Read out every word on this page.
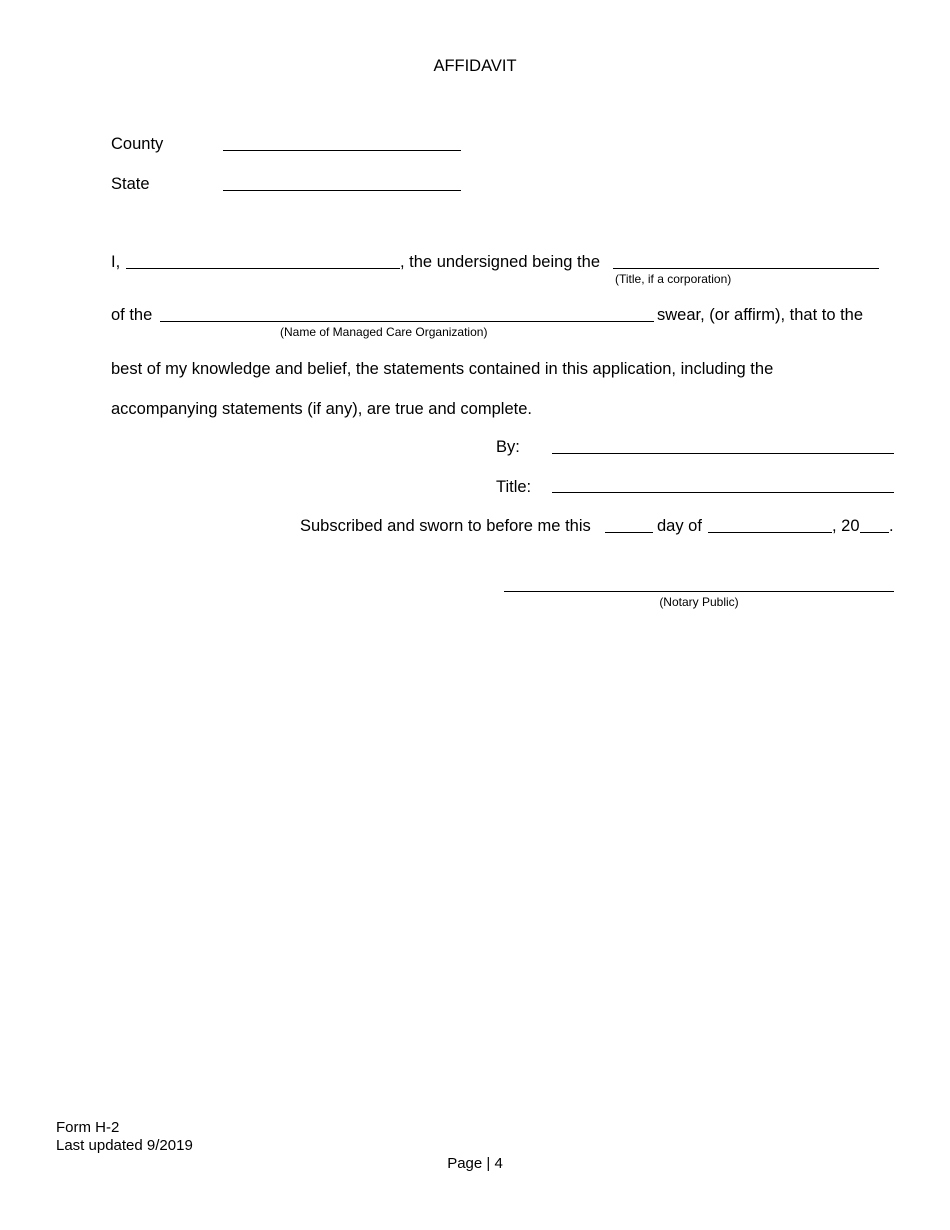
AFFIDAVIT
County
State
I,	, the undersigned being the
(Title, if a corporation)
of the	swear, (or affirm), that to the
(Name of Managed Care Organization)
best of my knowledge and belief, the statements contained in this application, including the
accompanying statements (if any), are true and complete.
By:
Title:
Subscribed and sworn to before me this	day of	, 20 .
(Notary Public)
Form H-2
Last updated 9/2019
Page | 4
